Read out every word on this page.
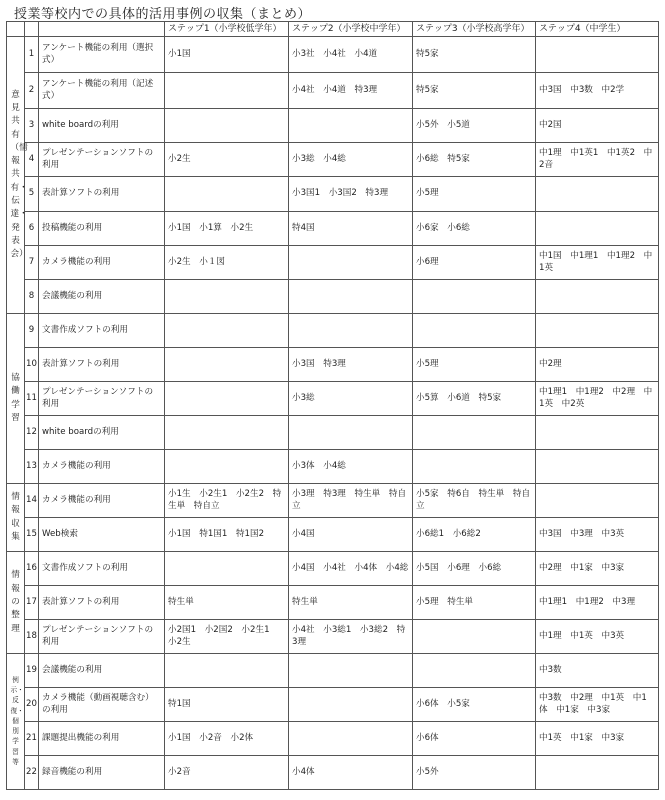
授業等校内での具体的活用事例の収集（まとめ）
			ステップ1（小学校低学年）	ステップ2（小学校中学年）	ステップ3（小学校高学年）	ステップ4（中学生）
意見共有（情報共有・伝達・発表会）	1	アンケート機能の利用（選択式）	小1国	小3社　小4社　小4道	特5家	
	2	アンケート機能の利用（記述式）		小4社　小4道　特3理	特5家	中3国　中3数　中2学
	3	white boardの利用			小5外　小5道	中2国
	4	プレゼンテーションソフトの利用	小2生	小3総　小4総	小6総　特5家	中1理　中1英1　中1英2　中2音
	5	表計算ソフトの利用		小3国1　小3国2　特3理	小5理	
	6	投稿機能の利用	小1国　小1算　小2生	特4国	小6家　小6総	
	7	カメラ機能の利用	小2生　小１図		小6理	中1国　中1理1　中1理2　中1英
	8	会議機能の利用				
協働学習	9	文書作成ソフトの利用				
	10	表計算ソフトの利用		小3国　特3理	小5理	中2理
	11	プレゼンテーションソフトの利用		小3総	小5算　小6道　特5家	中1理1　中1理2　中2理　中1英　中2英
	12	white boardの利用				
	13	カメラ機能の利用		小3体　小4総		
情報収集	14	カメラ機能の利用	小1生　小2生1　小2生2　特生単　特自立	小3理　特3理　特生単　特自立	小5家　特6自　特生単　特自立	
	15	Web検索	小1国　特1国1　特1国2	小4国	小6総1　小6総2	中3国　中3理　中3英
情報の整理	16	文書作成ソフトの利用		小4国　小4社　小4体　小4総	小5国　小6理　小6総	中2理　中1家　中3家
	17	表計算ソフトの利用	特生単	特生単	小5理　特生単	中1理1　中1理2　中3理
	18	プレゼンテーションソフトの利用	小2国1　小2国2　小2生1　小2生	小4社　小3総1　小3総2　特3理		中1理　中1英　中3英
例示・反復・個別学習等	19	会議機能の利用				中3数
	20	カメラ機能（動画視聴含む）の利用	特1国		小6体　小5家	中3数　中2理　中1英　中1体　中1家　中3家
	21	課題提出機能の利用	小1国　小2音　小2体		小6体	中1英　中1家　中3家
	22	録音機能の利用	小2音	小4体	小5外	
